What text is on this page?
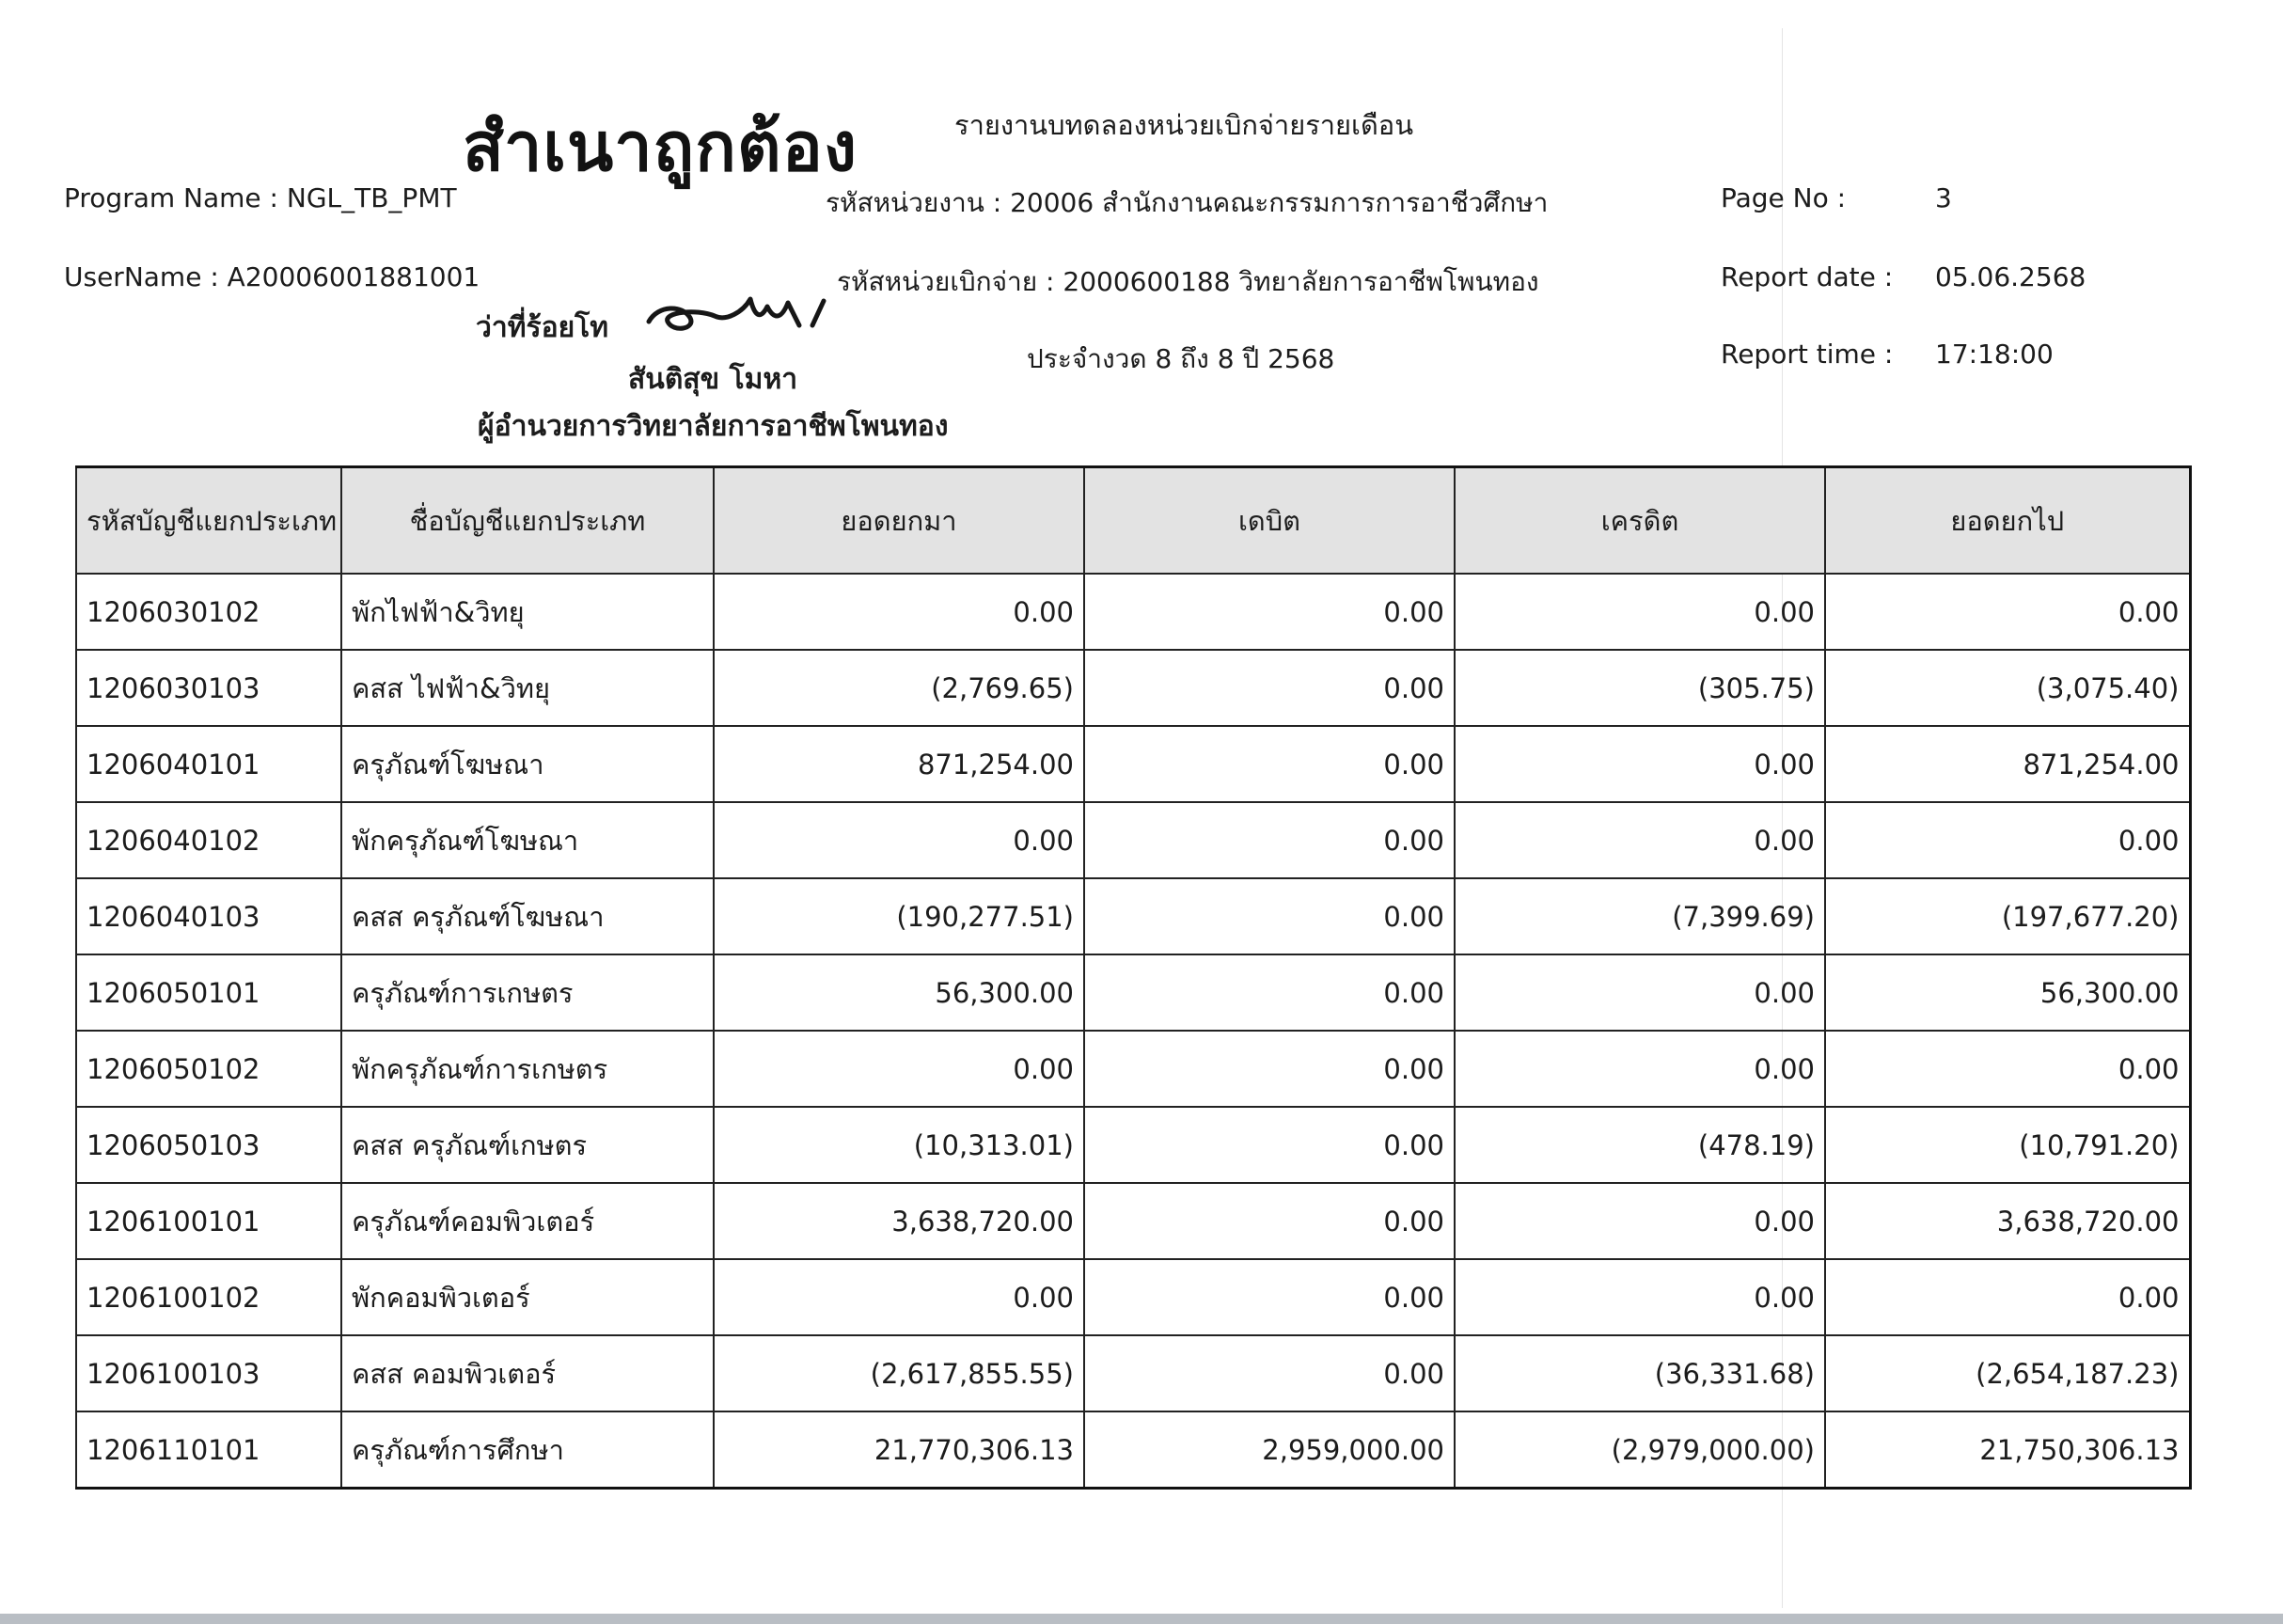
สำเนาถูกต้อง	รายงานบทดลองหน่วยเบิกจ่ายรายเดือน
Program Name : NGL_TB_PMT
UserName : A20006001881001
รหัสหน่วยงาน : 20006 สำนักงานคณะกรรมการการอาชีวศึกษา
รหัสหน่วยเบิกจ่าย : 2000600188 วิทยาลัยการอาชีพโพนทอง
ประจำงวด 8 ถึง 8 ปี 2568
Page No :	3
Report date : 05.06.2568
Report time : 17:18:00
ว่าที่ร้อยโท
สันติสุข โมหา
ผู้อำนวยการวิทยาลัยการอาชีพโพนทอง
รหัสบัญชีแยกประเภท	ชื่อบัญชีแยกประเภท	ยอดยกมา	เดบิต	เครดิต	ยอดยกไป
1206030102	พักไฟฟ้า&วิทยุ	0.00	0.00	0.00	0.00
1206030103	คสส ไฟฟ้า&วิทยุ	(2,769.65)	0.00	(305.75)	(3,075.40)
1206040101	ครุภัณฑ์โฆษณา	871,254.00	0.00	0.00	871,254.00
1206040102	พักครุภัณฑ์โฆษณา	0.00	0.00	0.00	0.00
1206040103	คสส ครุภัณฑ์โฆษณา	(190,277.51)	0.00	(7,399.69)	(197,677.20)
1206050101	ครุภัณฑ์การเกษตร	56,300.00	0.00	0.00	56,300.00
1206050102	พักครุภัณฑ์การเกษตร	0.00	0.00	0.00	0.00
1206050103	คสส ครุภัณฑ์เกษตร	(10,313.01)	0.00	(478.19)	(10,791.20)
1206100101	ครุภัณฑ์คอมพิวเตอร์	3,638,720.00	0.00	0.00	3,638,720.00
1206100102	พักคอมพิวเตอร์	0.00	0.00	0.00	0.00
1206100103	คสส คอมพิวเตอร์	(2,617,855.55)	0.00	(36,331.68)	(2,654,187.23)
1206110101	ครุภัณฑ์การศึกษา	21,770,306.13	2,959,000.00	(2,979,000.00)	21,750,306.13
